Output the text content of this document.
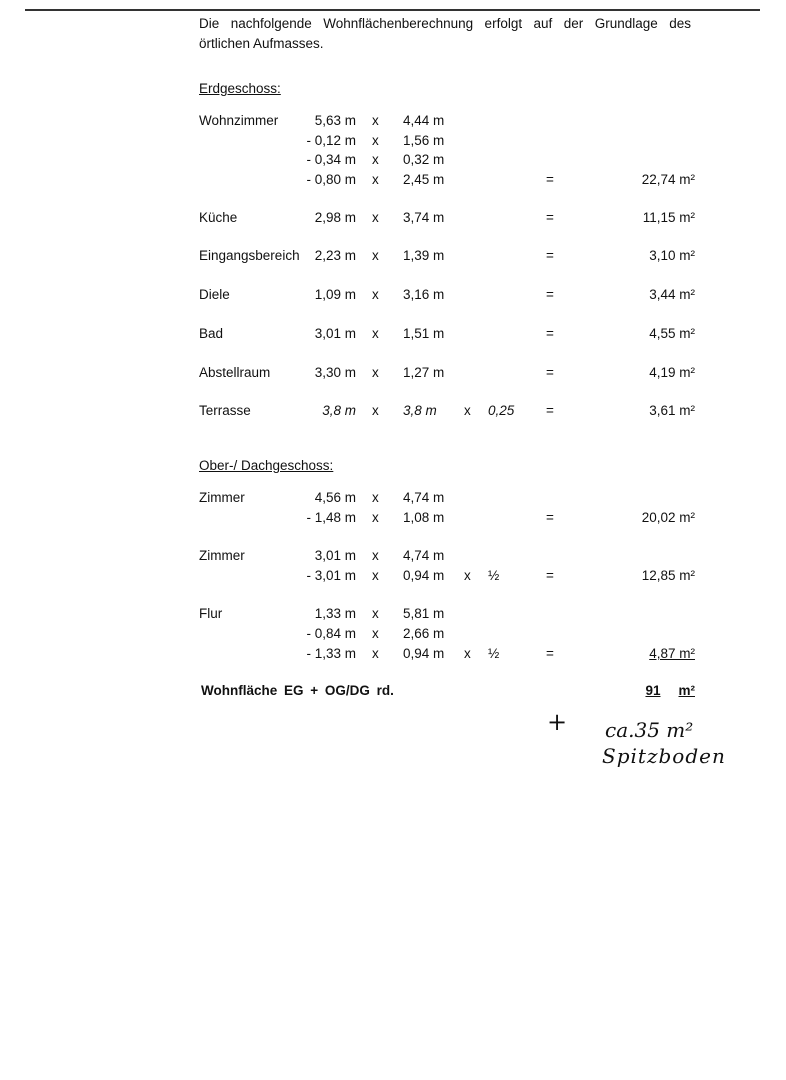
Die nachfolgende Wohnflächenberechnung erfolgt auf der Grundlage des
örtlichen Aufmasses.
Erdgeschoss:
Wohnzimmer	5,63 m x	4,44 m
- 0,12 m x	1,56 m
- 0,34 m x	0,32 m
- 0,80 m x	2,45 m	=	22,74 m²
Küche	2,98 m x	3,74 m	=	11,15 m²
Eingangsbereich	2,23 m x	1,39 m	=	3,10 m²
Diele	1,09 m x	3,16 m	=	3,44 m²
Bad	3,01 m x	1,51 m	=	4,55 m²
Abstellraum	3,30 m x	1,27 m	=	4,19 m²
Terrasse	3,8 m x	3,8 m	x	0,25	=	3,61 m²
Ober-/ Dachgeschoss:
Zimmer	4,56 m x	4,74 m
- 1,48 m x	1,08 m	=	20,02 m²
Zimmer	3,01 m x	4,74 m
- 3,01 m x	0,94 m	x	½	=	12,85 m²
Flur	1,33 m x	5,81 m
- 0,84 m x	2,66 m
- 1,33 m x	0,94 m	x	½	=	4,87 m²
Wohnfläche EG + OG/DG rd.	91 m²
+ ca.35 m²
Spitzboden
